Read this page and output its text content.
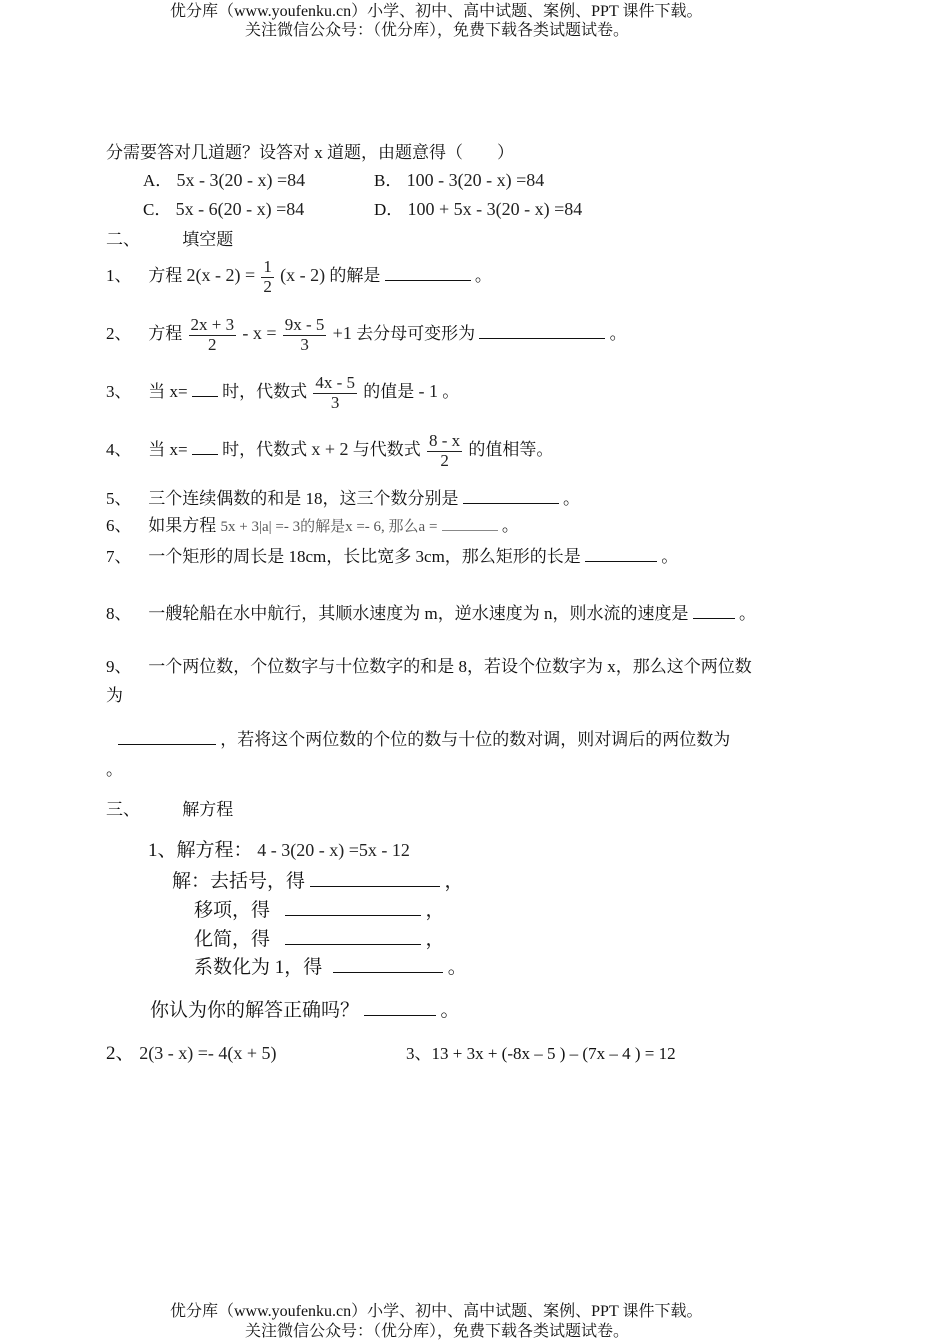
优分库（www.youfenku.cn）小学、初中、高中试题、案例、PPT 课件下载。
关注微信公众号：（优分库），免费下载各类试题试卷。
分需要答对几道题？设答对 x 道题，由题意得（　　）
A． 5x - 3(20 - x) =84	B． 100 - 3(20 - x) =84
C． 5x - 6(20 - x) =84	D． 100 + 5x - 3(20 - x) =84
二、 填空题
1、 方程 $2(x - 2) = \frac{1}{2} (x - 2)$ 的解是	。
2、 方程 $\frac{2x + 3}{2} - x = \frac{9x - 5}{3} +1$ 去分母可变形为	。
3、 当 x= 时，代数式 $\frac{4x - 5}{3}$ 的值是 - 1 。
4、 当 x= 时，代数式 x + 2 与代数式 $\frac{8 - x}{2}$ 的值相等。
5、 三个连续偶数的和是 18，这三个数分别是	。
6、 如果方程 5x + 3|a| =- 3的解是x =- 6, 那么a =	。
7、 一个矩形的周长是 18cm，长比宽多 3cm，那么矩形的长是	。
8、 一艘轮船在水中航行，其顺水速度为 m，逆水速度为 n，则水流的速度是	。
9、 一个两位数，个位数字与十位数字的和是 8，若设个位数字为 x，那么这个两位数
为
，若将这个两位数的个位的数与十位的数对调，则对调后的两位数为
。
三、 解方程
1、解方程： 4 - 3(20 - x) =5x - 12
解：去括号，得	，
移项，得	，
化简，得	，
系数化为 1，得	。
你认为你的解答正确吗？	。
2、 2(3 - x) =- 4(x + 5)	3、13 + 3x + (-8x – 5 ) – (7x – 4 ) = 12
优分库（www.youfenku.cn）小学、初中、高中试题、案例、PPT 课件下载。
关注微信公众号：（优分库），免费下载各类试题试卷。
